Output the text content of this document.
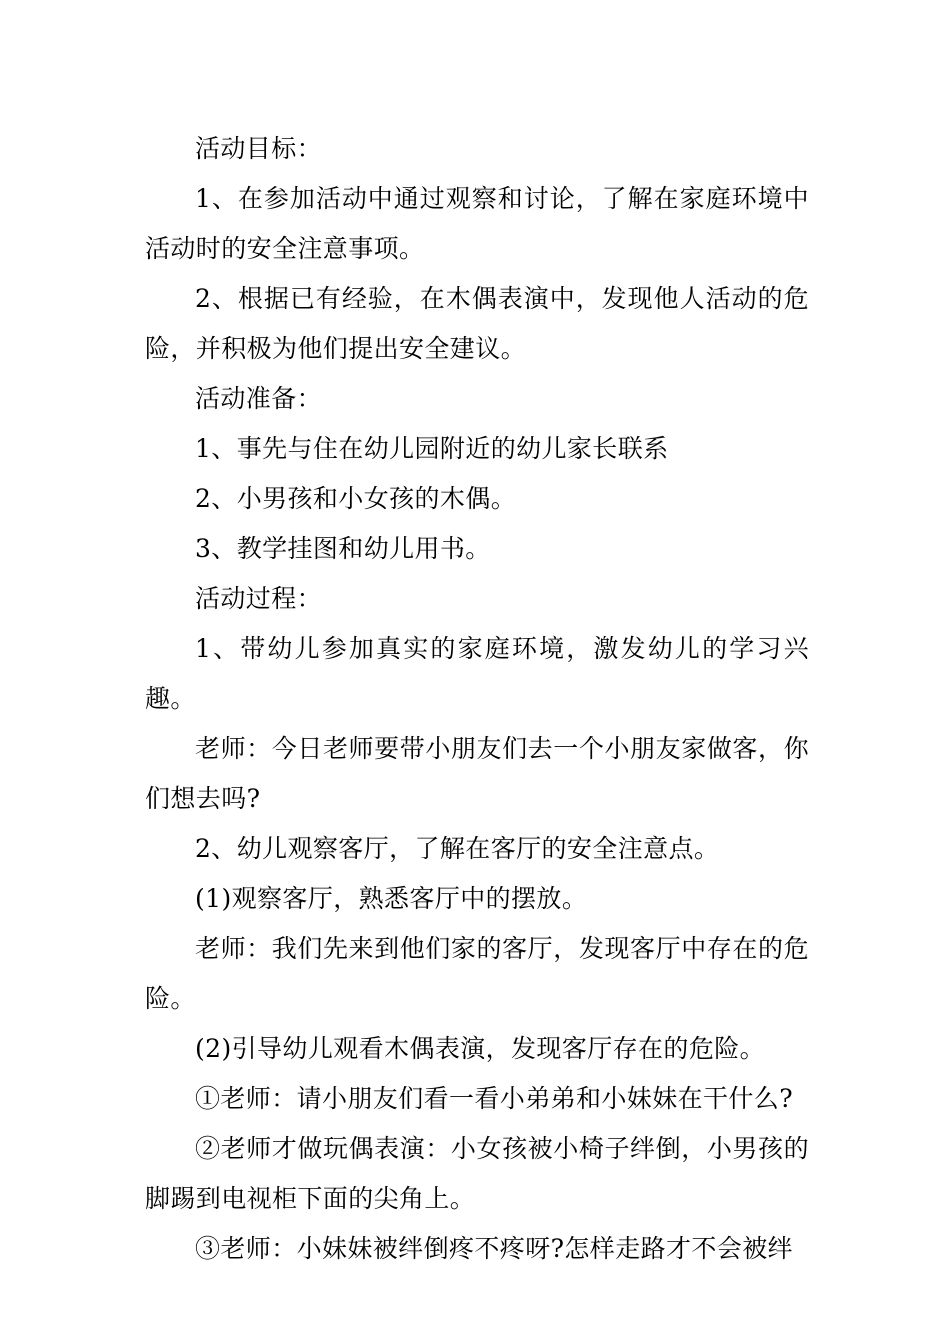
活动目标：

1、在参加活动中通过观察和讨论，了解在家庭环境中活动时的安全注意事项。

2、根据已有经验，在木偶表演中，发现他人活动的危险，并积极为他们提出安全建议。

活动准备：

1、事先与住在幼儿园附近的幼儿家长联系

2、小男孩和小女孩的木偶。

3、教学挂图和幼儿用书。

活动过程：

1、带幼儿参加真实的家庭环境，激发幼儿的学习兴趣。

老师：今日老师要带小朋友们去一个小朋友家做客，你们想去吗?

2、幼儿观察客厅，了解在客厅的安全注意点。

(1)观察客厅，熟悉客厅中的摆放。

老师：我们先来到他们家的客厅，发现客厅中存在的危险。

(2)引导幼儿观看木偶表演，发现客厅存在的危险。

①老师：请小朋友们看一看小弟弟和小妹妹在干什么?

②老师才做玩偶表演：小女孩被小椅子绊倒，小男孩的脚踢到电视柜下面的尖角上。

③老师：小妹妹被绊倒疼不疼呀?怎样走路才不会被绊
